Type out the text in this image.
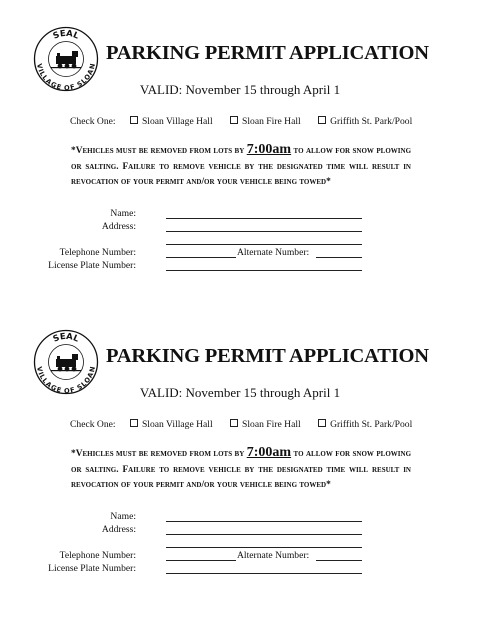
SEAL
VILLAGE OF SLOAN
PARKING PERMIT APPLICATION
VALID: November 15 through April 1
Check One:	Sloan Village Hall	Sloan Fire Hall	Griffith St. Park/Pool
*Vehicles must be removed from lots by 7:00am to allow for snow plowing or salting. Failure to remove vehicle by the designated time will result in revocation of your permit and/or your vehicle being towed*
Name:
Address:
Telephone Number:	Alternate Number:
License Plate Number:
SEAL
VILLAGE OF SLOAN
PARKING PERMIT APPLICATION
VALID: November 15 through April 1
Check One:	Sloan Village Hall	Sloan Fire Hall	Griffith St. Park/Pool
*Vehicles must be removed from lots by 7:00am to allow for snow plowing or salting. Failure to remove vehicle by the designated time will result in revocation of your permit and/or your vehicle being towed*
Name:
Address:
Telephone Number:	Alternate Number:
License Plate Number:
